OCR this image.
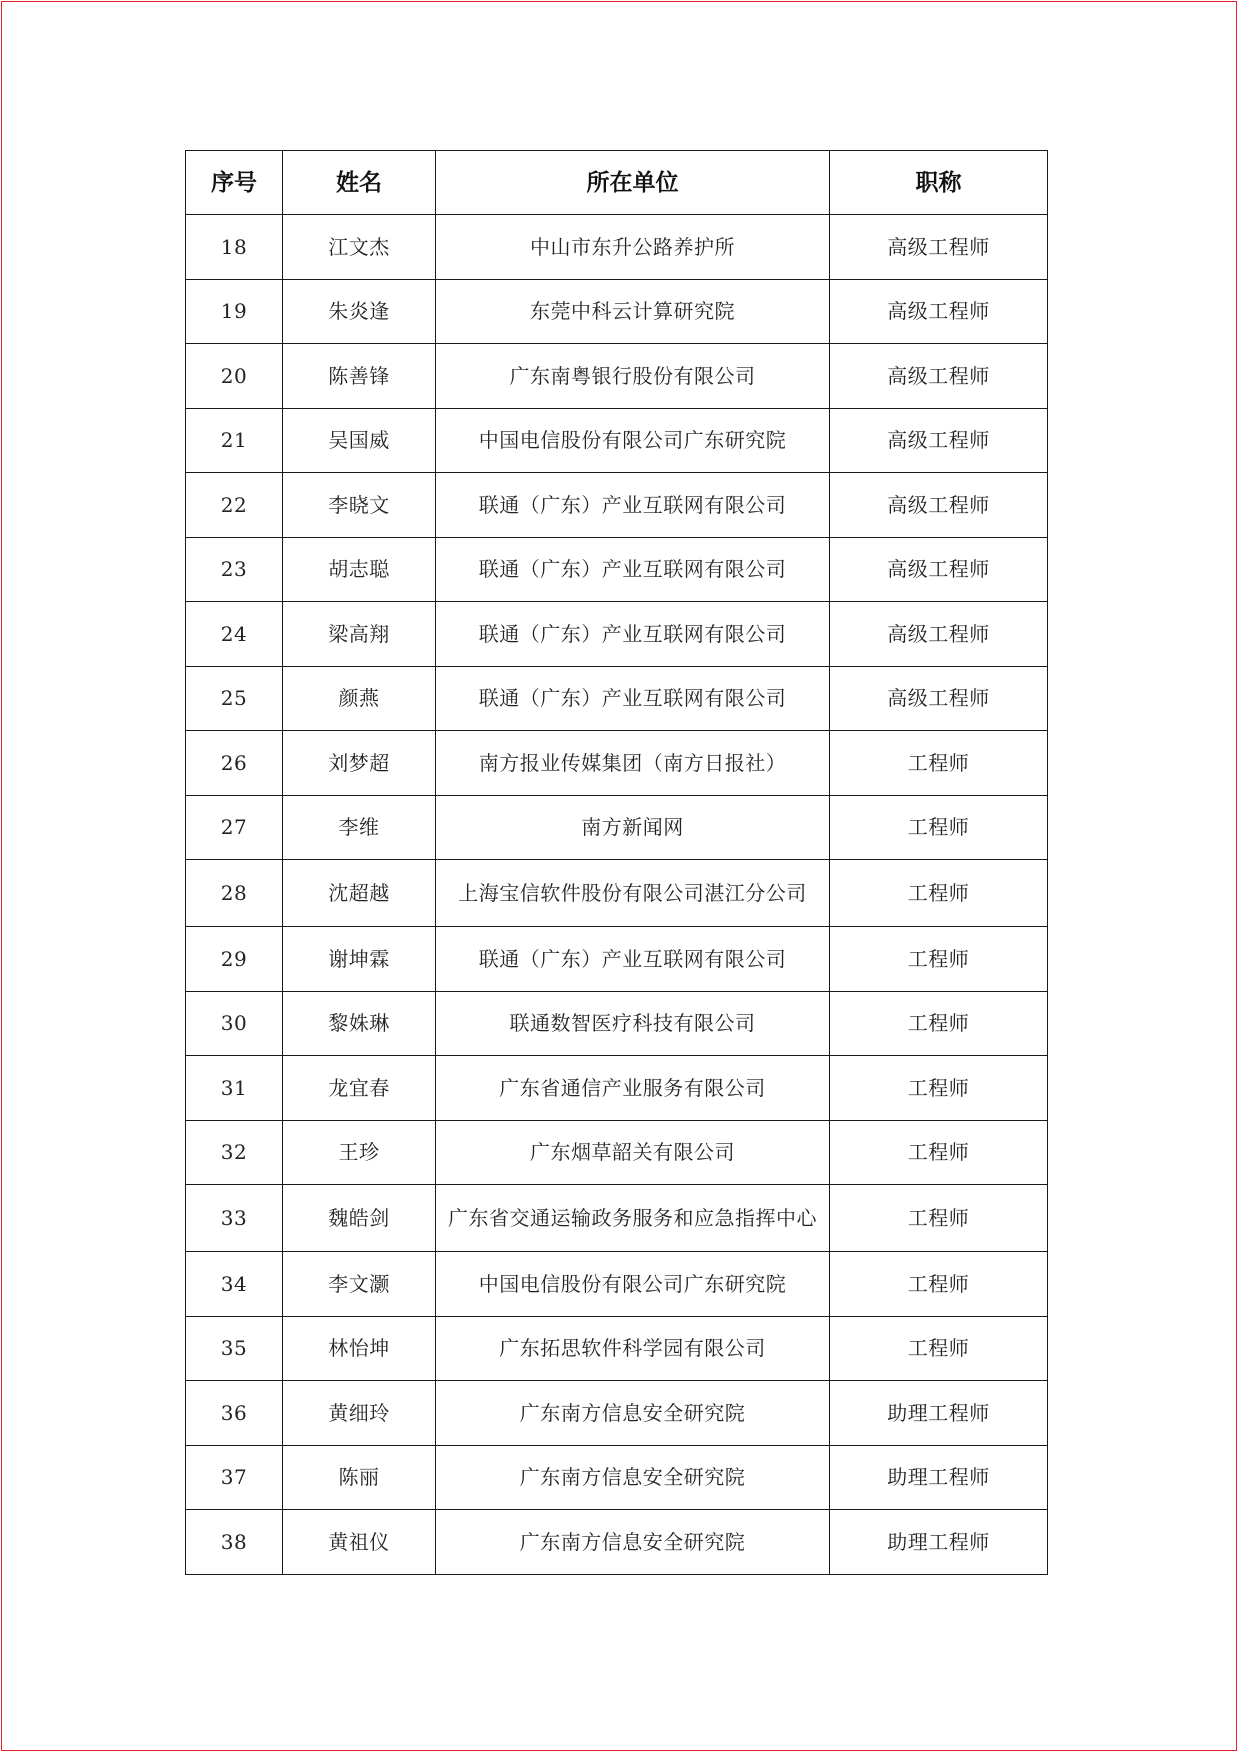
序号	姓名	所在单位	职称
18	江文杰	中山市东升公路养护所	高级工程师
19	朱炎逢	东莞中科云计算研究院	高级工程师
20	陈善锋	广东南粤银行股份有限公司	高级工程师
21	吴国威	中国电信股份有限公司广东研究院	高级工程师
22	李晓文	联通（广东）产业互联网有限公司	高级工程师
23	胡志聪	联通（广东）产业互联网有限公司	高级工程师
24	梁高翔	联通（广东）产业互联网有限公司	高级工程师
25	颜燕	联通（广东）产业互联网有限公司	高级工程师
26	刘梦超	南方报业传媒集团（南方日报社）	工程师
27	李维	南方新闻网	工程师
28	沈超越	上海宝信软件股份有限公司湛江分公司	工程师
29	谢坤霖	联通（广东）产业互联网有限公司	工程师
30	黎姝琳	联通数智医疗科技有限公司	工程师
31	龙宜春	广东省通信产业服务有限公司	工程师
32	王珍	广东烟草韶关有限公司	工程师
33	魏皓剑	广东省交通运输政务服务和应急指挥中心	工程师
34	李文灏	中国电信股份有限公司广东研究院	工程师
35	林怡坤	广东拓思软件科学园有限公司	工程师
36	黄细玲	广东南方信息安全研究院	助理工程师
37	陈丽	广东南方信息安全研究院	助理工程师
38	黄祖仪	广东南方信息安全研究院	助理工程师
